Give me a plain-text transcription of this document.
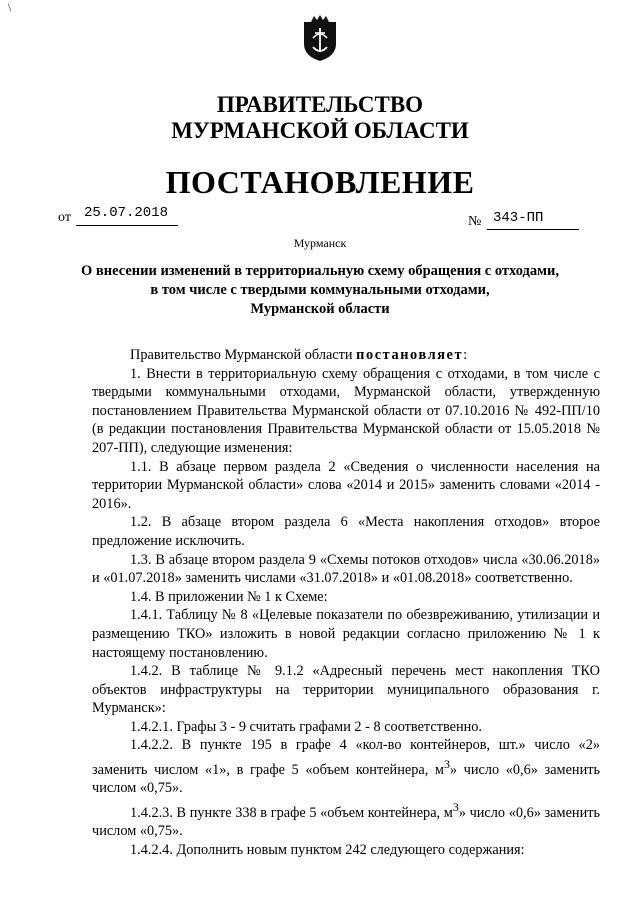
\
ПРАВИТЕЛЬСТВО
МУРМАНСКОЙ ОБЛАСТИ
ПОСТАНОВЛЕНИЕ
от 25.07.2018
№ 343-ПП
Мурманск
О внесении изменений в территориальную схему обращения с отходами,
в том числе с твердыми коммунальными отходами,
Мурманской области

Правительство Мурманской области постановляет:

1. Внести в территориальную схему обращения с отходами, в том числе с твердыми коммунальными отходами, Мурманской области, утвержденную постановлением Правительства Мурманской области от 07.10.2016 № 492-ПП/10 (в редакции постановления Правительства Мурманской области от 15.05.2018 № 207-ПП), следующие изменения:

1.1. В абзаце первом раздела 2 «Сведения о численности населения на территории Мурманской области» слова «2014 и 2015» заменить словами «2014 - 2016».

1.2. В абзаце втором раздела 6 «Места накопления отходов» второе предложение исключить.

1.3. В абзаце втором раздела 9 «Схемы потоков отходов» числа «30.06.2018» и «01.07.2018» заменить числами «31.07.2018» и «01.08.2018» соответственно.

1.4. В приложении № 1 к Схеме:

1.4.1. Таблицу № 8 «Целевые показатели по обезвреживанию, утилизации и размещению ТКО» изложить в новой редакции согласно приложению № 1 к настоящему постановлению.

1.4.2. В таблице № 9.1.2 «Адресный перечень мест накопления ТКО объектов инфраструктуры на территории муниципального образования г. Мурманск»:

1.4.2.1. Графы 3 - 9 считать графами 2 - 8 соответственно.

1.4.2.2. В пункте 195 в графе 4 «кол-во контейнеров, шт.» число «2» заменить числом «1», в графе 5 «объем контейнера, $м^3$» число «0,6» заменить числом «0,75».

1.4.2.3. В пункте 338 в графе 5 «объем контейнера, $м^3$» число «0,6» заменить числом «0,75».

1.4.2.4. Дополнить новым пунктом 242 следующего содержания:
